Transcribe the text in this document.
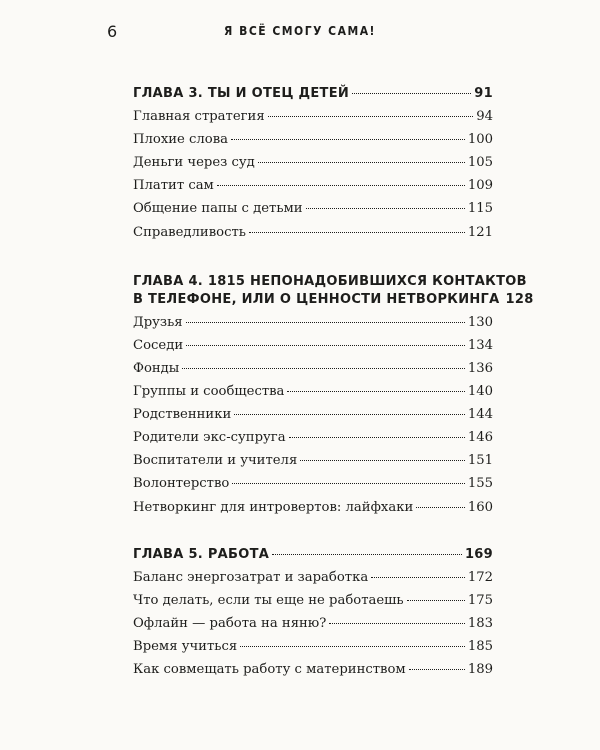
6	Я ВСЁ СМОГУ САМА!
ГЛАВА 3. ТЫ И ОТЕЦ ДЕТЕЙ	91
Главная стратегия	94
Плохие слова	100
Деньги через суд	105
Платит сам	109
Общение папы с детьми	115
Справедливость	121
ГЛАВА 4. 1815 НЕПОНАДОБИВШИХСЯ КОНТАКТОВ
В ТЕЛЕФОНЕ, ИЛИ О ЦЕННОСТИ НЕТВОРКИНГА 128
Друзья	130
Соседи	134
Фонды	136
Группы и сообщества	140
Родственники	144
Родители экс-супруга	146
Воспитатели и учителя	151
Волонтерство	155
Нетворкинг для интровертов: лайфхаки	160
ГЛАВА 5. РАБОТА	169
Баланс энергозатрат и заработка	172
Что делать, если ты еще не работаешь	175
Офлайн — работа на няню?	183
Время учиться	185
Как совмещать работу с материнством	189
